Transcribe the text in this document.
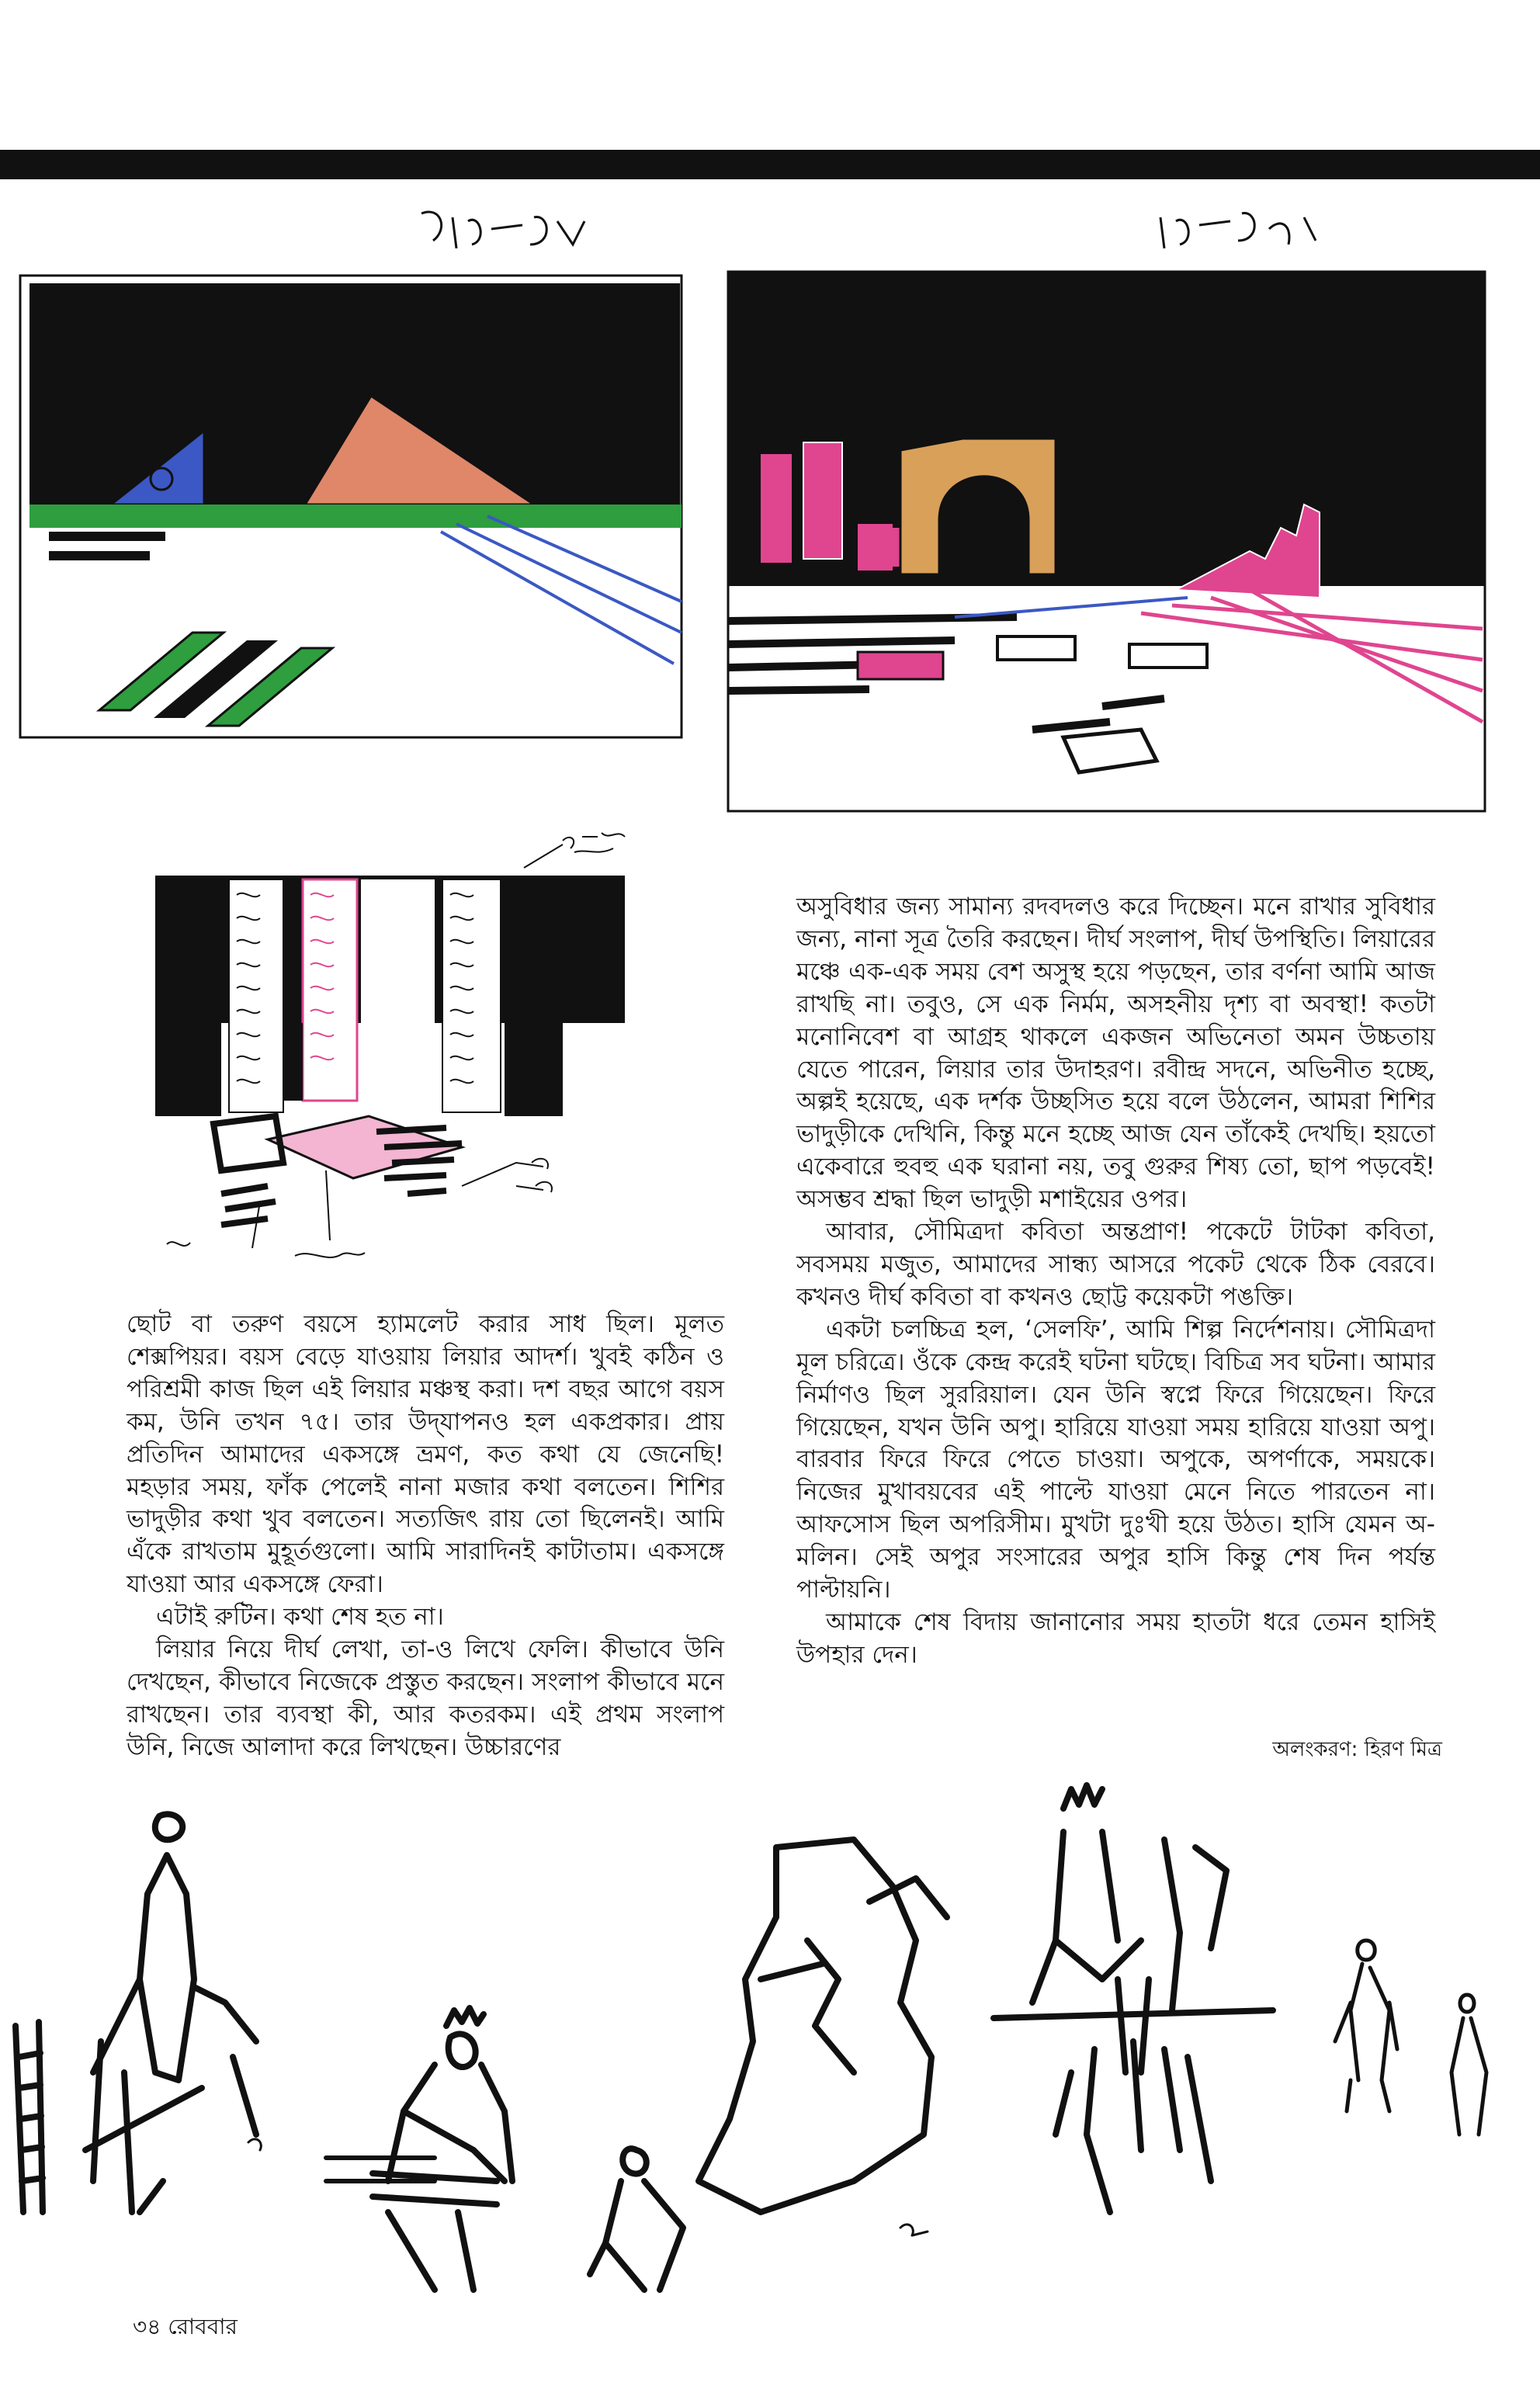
অসুবিধার জন্য সামান্য রদবদলও করে দিচ্ছেন। মনে রাখার সুবিধার জন্য, নানা সূত্র তৈরি করছেন। দীর্ঘ সংলাপ, দীর্ঘ উপস্থিতি। লিয়ারের মঞ্চে এক-এক সময় বেশ অসুস্থ হয়ে পড়ছেন, তার বর্ণনা আমি আজ রাখছি না। তবুও, সে এক নির্মম, অসহনীয় দৃশ্য বা অবস্থা! কতটা মনোনিবেশ বা আগ্রহ থাকলে একজন অভিনেতা অমন উচ্চতায় যেতে পারেন, লিয়ার তার উদাহরণ। রবীন্দ্র সদনে, অভিনীত হচ্ছে, অল্পই হয়েছে, এক দর্শক উচ্ছসিত হয়ে বলে উঠলেন, আমরা শিশির ভাদুড়ীকে দেখিনি, কিন্তু মনে হচ্ছে আজ যেন তাঁকেই দেখছি। হয়তো একেবারে হুবহু এক ঘরানা নয়, তবু গুরুর শিষ্য তো, ছাপ পড়বেই! অসম্ভব শ্রদ্ধা ছিল ভাদুড়ী মশাইয়ের ওপর।

আবার, সৌমিত্রদা কবিতা অন্তপ্রাণ! পকেটে টাটকা কবিতা, সবসময় মজুত, আমাদের সান্ধ্য আসরে পকেট থেকে ঠিক বেরবে। কখনও দীর্ঘ কবিতা বা কখনও ছোট্ট কয়েকটা পঙক্তি।

একটা চলচ্চিত্র হল, ‘সেলফি’, আমি শিল্প নির্দেশনায়। সৌমিত্রদা মূল চরিত্রে। ওঁকে কেন্দ্র করেই ঘটনা ঘটছে। বিচিত্র সব ঘটনা। আমার নির্মাণও ছিল সুররিয়াল। যেন উনি স্বপ্নে ফিরে গিয়েছেন। ফিরে গিয়েছেন, যখন উনি অপু। হারিয়ে যাওয়া সময় হারিয়ে যাওয়া অপু। বারবার ফিরে ফিরে পেতে চাওয়া। অপুকে, অপর্ণাকে, সময়কে। নিজের মুখাবয়বের এই পাল্টে যাওয়া মেনে নিতে পারতেন না। আফসোস ছিল অপরিসীম। মুখটা দুঃখী হয়ে উঠত। হাসি যেমন অ-মলিন। সেই অপুর সংসারের অপুর হাসি কিন্তু শেষ দিন পর্যন্ত পাল্টায়নি।

আমাকে শেষ বিদায় জানানোর সময় হাতটা ধরে তেমন হাসিই উপহার দেন।

ছোট বা তরুণ বয়সে হ্যামলেট করার সাধ ছিল। মূলত শেক্সপিয়র। বয়স বেড়ে যাওয়ায় লিয়ার আদর্শ। খুবই কঠিন ও পরিশ্রমী কাজ ছিল এই লিয়ার মঞ্চস্থ করা। দশ বছর আগে বয়স কম, উনি তখন ৭৫। তার উদ্‌যাপনও হল একপ্রকার। প্রায় প্রতিদিন আমাদের একসঙ্গে ভ্রমণ, কত কথা যে জেনেছি! মহড়ার সময়, ফাঁক পেলেই নানা মজার কথা বলতেন। শিশির ভাদুড়ীর কথা খুব বলতেন। সত্যজিৎ রায় তো ছিলেনই। আমি এঁকে রাখতাম মুহূর্তগুলো। আমি সারাদিনই কাটাতাম। একসঙ্গে যাওয়া আর একসঙ্গে ফেরা।

এটাই রুটিন। কথা শেষ হত না।

লিয়ার নিয়ে দীর্ঘ লেখা, তা-ও লিখে ফেলি। কীভাবে উনি দেখছেন, কীভাবে নিজেকে প্রস্তুত করছেন। সংলাপ কীভাবে মনে রাখছেন। তার ব্যবস্থা কী, আর কতরকম। এই প্রথম সংলাপ উনি, নিজে আলাদা করে লিখছেন। উচ্চারণের	অলংকরণ: হিরণ মিত্র
৩৪ রোববার
